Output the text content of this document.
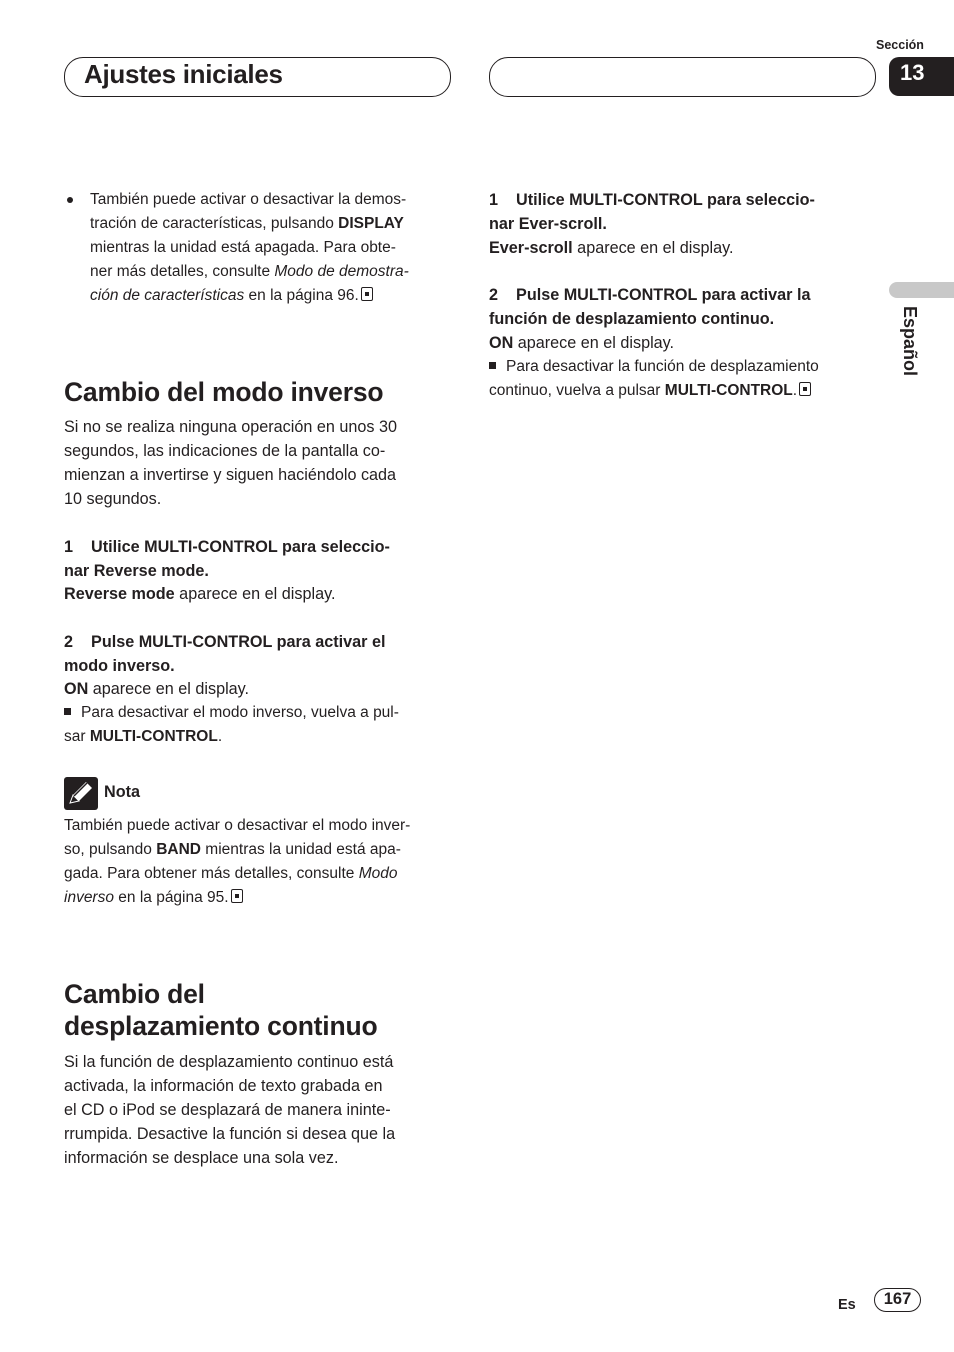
Ajustes iniciales
Sección
13
Español
También puede activar o desactivar la demos-
tración de características, pulsando DISPLAY
mientras la unidad está apagada. Para obte-
ner más detalles, consulte Modo de demostra-
ción de características en la página 96.
Cambio del modo inverso
Si no se realiza ninguna operación en unos 30
segundos, las indicaciones de la pantalla co-
mienzan a invertirse y siguen haciéndolo cada
10 segundos.
1 Utilice MULTI-CONTROL para seleccio-
nar Reverse mode.
Reverse mode aparece en el display.
2 Pulse MULTI-CONTROL para activar el
modo inverso.
ON aparece en el display.
Para desactivar el modo inverso, vuelva a pul-
sar MULTI-CONTROL.
Nota
También puede activar o desactivar el modo inver-
so, pulsando BAND mientras la unidad está apa-
gada. Para obtener más detalles, consulte Modo
inverso en la página 95.
Cambio del
desplazamiento continuo
Si la función de desplazamiento continuo está
activada, la información de texto grabada en
el CD o iPod se desplazará de manera ininte-
rrumpida. Desactive la función si desea que la
información se desplace una sola vez.
1 Utilice MULTI-CONTROL para seleccio-
nar Ever-scroll.
Ever-scroll aparece en el display.
2 Pulse MULTI-CONTROL para activar la
función de desplazamiento continuo.
ON aparece en el display.
Para desactivar la función de desplazamiento
continuo, vuelva a pulsar MULTI-CONTROL.
Es	167
